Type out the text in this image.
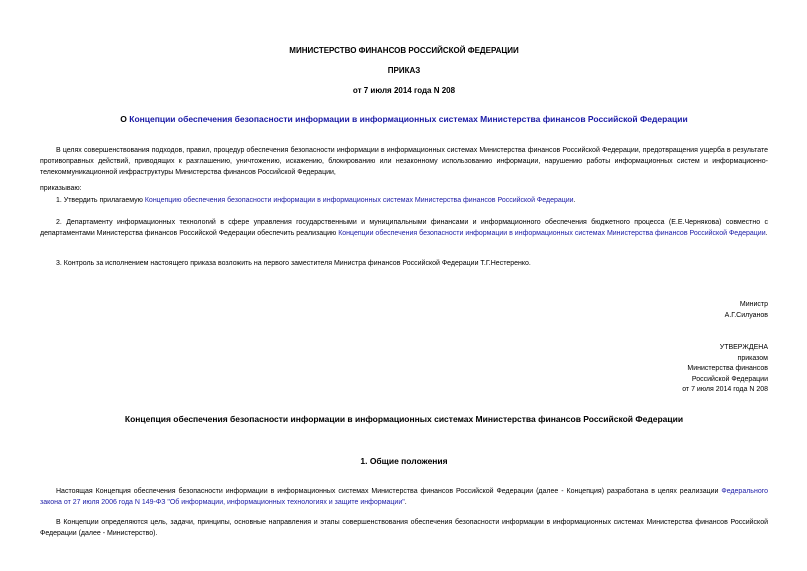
МИНИСТЕРСТВО ФИНАНСОВ РОССИЙСКОЙ ФЕДЕРАЦИИ
ПРИКАЗ
от 7 июля 2014 года N 208
О Концепции обеспечения безопасности информации в информационных системах Министерства финансов Российской Федерации
В целях совершенствования подходов, правил, процедур обеспечения безопасности информации в информационных системах Министерства финансов Российской Федерации, предотвращения ущерба в результате противоправных действий, приводящих к разглашению, уничтожению, искажению, блокированию или незаконному использованию информации, нарушению работы информационных систем и информационно-телекоммуникационной инфраструктуры Министерства финансов Российской Федерации,
приказываю:
1. Утвердить прилагаемую Концепцию обеспечения безопасности информации в информационных системах Министерства финансов Российской Федерации.
2. Департаменту информационных технологий в сфере управления государственными и муниципальными финансами и информационного обеспечения бюджетного процесса (Е.Е.Чернякова) совместно с департаментами Министерства финансов Российской Федерации обеспечить реализацию Концепции обеспечения безопасности информации в информационных системах Министерства финансов Российской Федерации.
3. Контроль за исполнением настоящего приказа возложить на первого заместителя Министра финансов Российской Федерации Т.Г.Нестеренко.
Министр
А.Г.Силуанов
УТВЕРЖДЕНА
приказом
Министерства финансов
Российской Федерации
от 7 июля 2014 года N 208
Концепция обеспечения безопасности информации в информационных системах Министерства финансов Российской Федерации
1. Общие положения
Настоящая Концепция обеспечения безопасности информации в информационных системах Министерства финансов Российской Федерации (далее - Концепция) разработана в целях реализации Федерального закона от 27 июля 2006 года N 149-ФЗ "Об информации, информационных технологиях и защите информации".
В Концепции определяются цель, задачи, принципы, основные направления и этапы совершенствования обеспечения безопасности информации в информационных системах Министерства финансов Российской Федерации (далее - Министерство).
